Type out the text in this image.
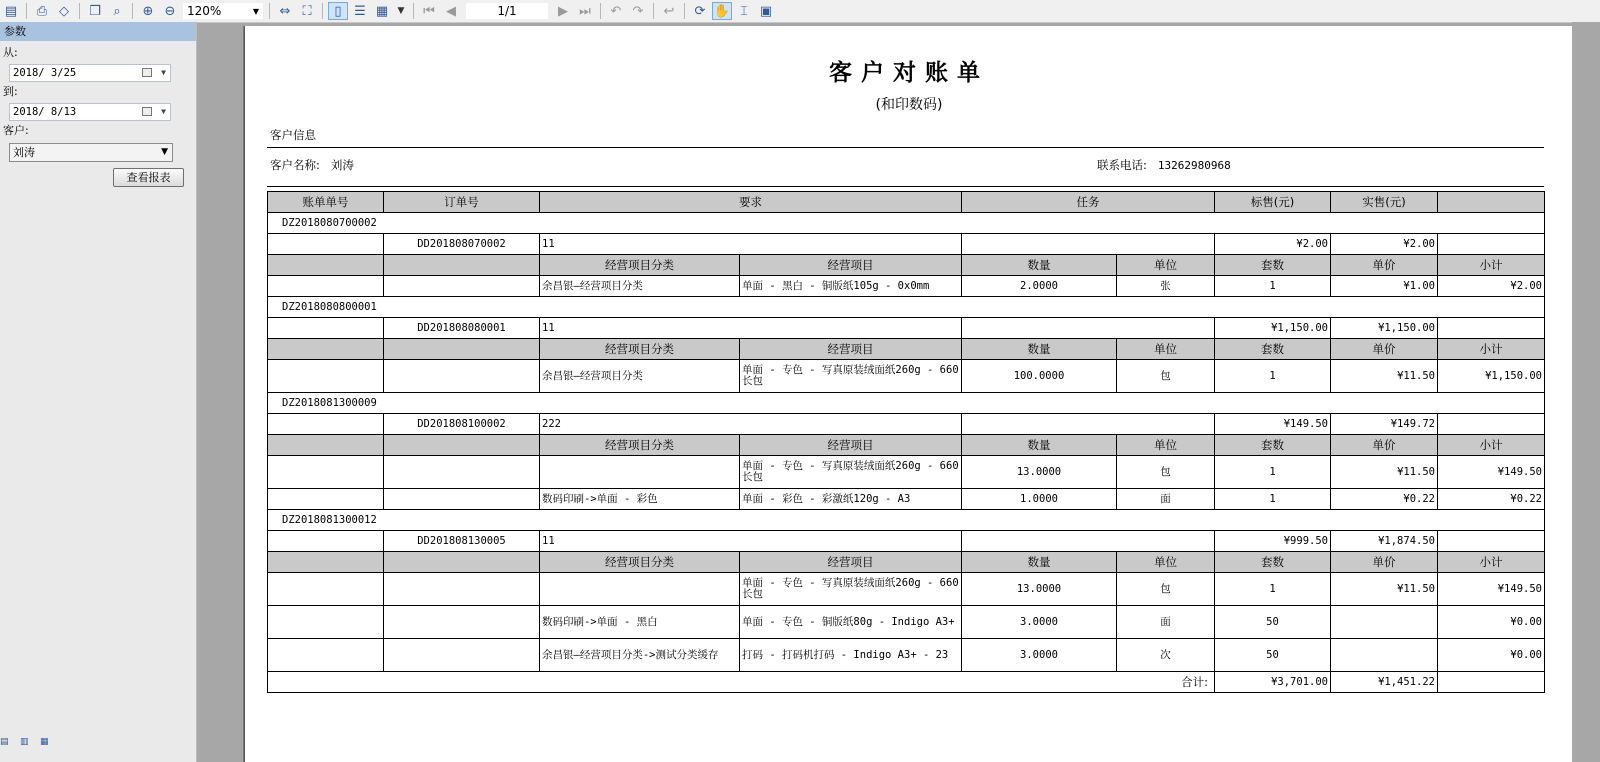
▤	⎙ ◇	❐ ⌕	⊕ ⊖ 120%	▼	⇔ ⛶	▯ ☰ ▦	▼	⏮ ◀	1/1	▶ ⏭	↶ ↷	↩	⟳ ✋ ⌶ ▣
参数
从:
2018/ 3/25	▼
到:
2018/ 8/13	▼
客户:
刘涛	▼
查看报表
▤	▥	▦
客户对账单
(和印数码)
客户信息
客户名称: 刘涛	联系电话: 13262980968
账单单号	订单号	要求		任务		标售(元)	实售(元)	
DZ2018080700002								
	DD201808070002	11				¥2.00	¥2.00	
		经营项目分类	经营项目	数量	单位	套数	单价	小计
		余昌银—经营项目分类	单面 - 黑白 - 铜版纸105g - 0x0mm	2.0000	张	1	¥1.00	¥2.00
DZ2018080800001								
	DD201808080001	11				¥1,150.00	¥1,150.00	
		经营项目分类	经营项目	数量	单位	套数	单价	小计
		余昌银—经营项目分类	单面 - 专色 - 写真原装绒面纸260g - 660长包	100.0000	包	1	¥11.50	¥1,150.00
DZ2018081300009								
	DD201808100002	222				¥149.50	¥149.72	
		经营项目分类	经营项目	数量	单位	套数	单价	小计
			单面 - 专色 - 写真原装绒面纸260g - 660长包	13.0000	包	1	¥11.50	¥149.50
		数码印刷->单面 - 彩色	单面 - 彩色 - 彩激纸120g - A3	1.0000	面	1	¥0.22	¥0.22
DZ2018081300012								
	DD201808130005	11				¥999.50	¥1,874.50	
		经营项目分类	经营项目	数量	单位	套数	单价	小计
			单面 - 专色 - 写真原装绒面纸260g - 660长包	13.0000	包	1	¥11.50	¥149.50
		数码印刷->单面 - 黑白	单面 - 专色 - 铜版纸80g - Indigo A3+	3.0000	面	50		¥0.00
		余昌银—经营项目分类->测试分类缓存	打码 - 打码机打码 - Indigo A3+ - 23	3.0000	次	50		¥0.00
合计:						¥3,701.00	¥1,451.22	
